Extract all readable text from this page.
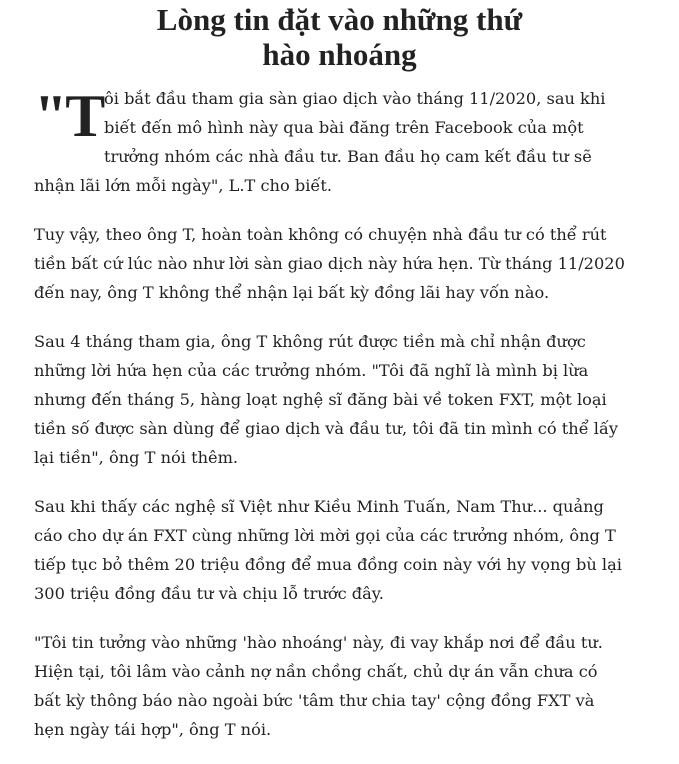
Lòng tin đặt vào những thứ
hào nhoáng

"T ôi bắt đầu tham gia sàn giao dịch vào tháng 11/2020, sau khi
biết đến mô hình này qua bài đăng trên Facebook của một
trưởng nhóm các nhà đầu tư. Ban đầu họ cam kết đầu tư sẽ
nhận lãi lớn mỗi ngày", L.T cho biết.

Tuy vậy, theo ông T, hoàn toàn không có chuyện nhà đầu tư có thể rút
tiền bất cứ lúc nào như lời sàn giao dịch này hứa hẹn. Từ tháng 11/2020
đến nay, ông T không thể nhận lại bất kỳ đồng lãi hay vốn nào.

Sau 4 tháng tham gia, ông T không rút được tiền mà chỉ nhận được
những lời hứa hẹn của các trưởng nhóm. "Tôi đã nghĩ là mình bị lừa
nhưng đến tháng 5, hàng loạt nghệ sĩ đăng bài về token FXT, một loại
tiền số được sàn dùng để giao dịch và đầu tư, tôi đã tin mình có thể lấy
lại tiền", ông T nói thêm.

Sau khi thấy các nghệ sĩ Việt như Kiều Minh Tuấn, Nam Thư... quảng
cáo cho dự án FXT cùng những lời mời gọi của các trưởng nhóm, ông T
tiếp tục bỏ thêm 20 triệu đồng để mua đồng coin này với hy vọng bù lại
300 triệu đồng đầu tư và chịu lỗ trước đây.

"Tôi tin tưởng vào những 'hào nhoáng' này, đi vay khắp nơi để đầu tư.
Hiện tại, tôi lâm vào cảnh nợ nần chồng chất, chủ dự án vẫn chưa có
bất kỳ thông báo nào ngoài bức 'tâm thư chia tay' cộng đồng FXT và
hẹn ngày tái hợp", ông T nói.
